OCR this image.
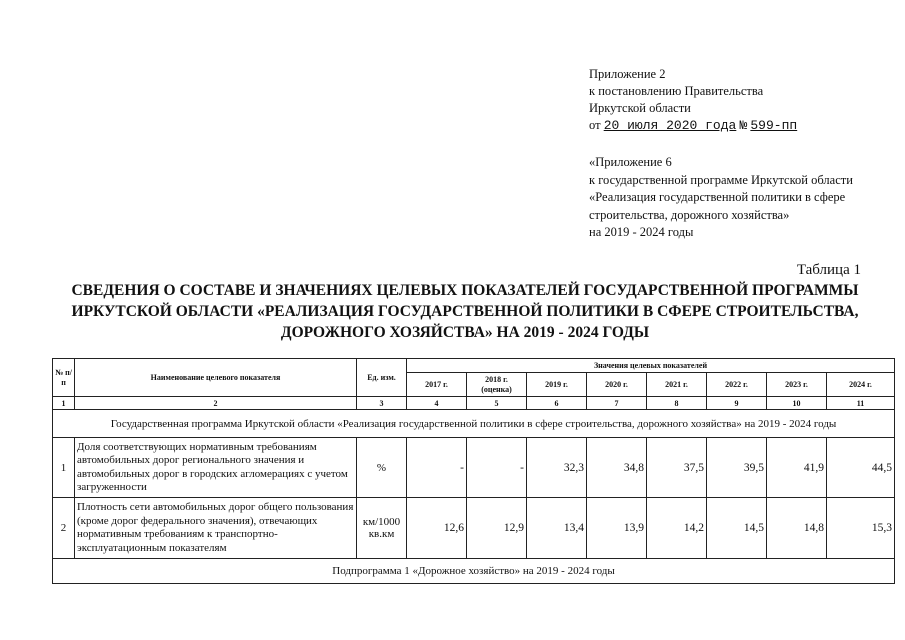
Приложение 2
к постановлению Правительства
Иркутской области
от 20 июля 2020 года № 599-пп
«Приложение 6
к государственной программе Иркутской области
«Реализация государственной политики в сфере
строительства, дорожного хозяйства»
на 2019 - 2024 годы
Таблица 1
СВЕДЕНИЯ О СОСТАВЕ И ЗНАЧЕНИЯХ ЦЕЛЕВЫХ ПОКАЗАТЕЛЕЙ ГОСУДАРСТВЕННОЙ ПРОГРАММЫ
ИРКУТСКОЙ ОБЛАСТИ «РЕАЛИЗАЦИЯ ГОСУДАРСТВЕННОЙ ПОЛИТИКИ В СФЕРЕ СТРОИТЕЛЬСТВА,
ДОРОЖНОГО ХОЗЯЙСТВА» НА 2019 - 2024 ГОДЫ
№ п/п	Наименование целевого показателя	Ед. изм.	Значения целевых показателей							
			2017 г.	2018 г. (оценка)	2019 г.	2020 г.	2021 г.	2022 г.	2023 г.	2024 г.
1	2	3	4	5	6	7	8	9	10	11
Государственная программа Иркутской области «Реализация государственной политики в сфере строительства, дорожного хозяйства» на 2019 - 2024 годы										
1	Доля соответствующих нормативным требованиям автомобильных дорог регионального значения и автомобильных дорог в городских агломерациях с учетом загруженности	%	-	-	32,3	34,8	37,5	39,5	41,9	44,5
2	Плотность сети автомобильных дорог общего пользования (кроме дорог федерального значения), отвечающих нормативным требованиям к транспортно-эксплуатационным показателям	км/1000 кв.км	12,6	12,9	13,4	13,9	14,2	14,5	14,8	15,3
Подпрограмма 1 «Дорожное хозяйство» на 2019 - 2024 годы										
